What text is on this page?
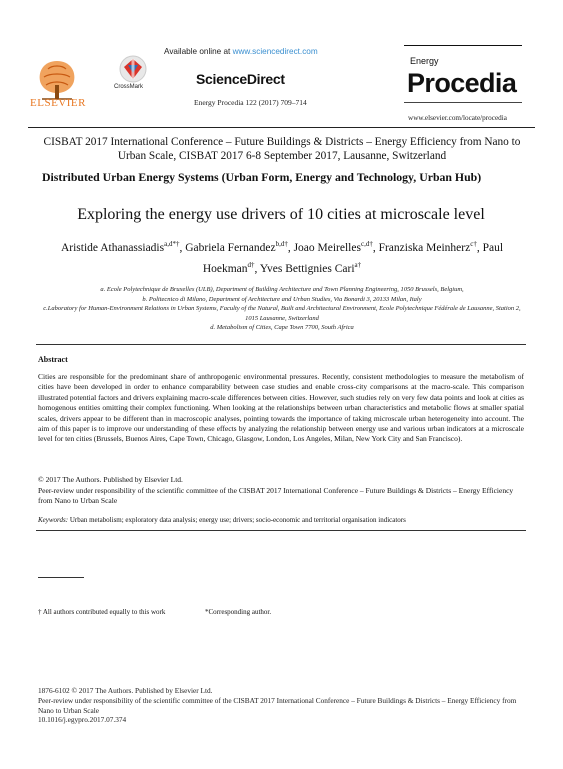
ELSEVIER
CrossMark
Available online at www.sciencedirect.com
ScienceDirect
Energy Procedia 122 (2017) 709–714
Energy
Procedia
www.elsevier.com/locate/procedia
CISBAT 2017 International Conference – Future Buildings & Districts – Energy Efficiency from Nano to Urban Scale, CISBAT 2017 6-8 September 2017, Lausanne, Switzerland
Distributed Urban Energy Systems (Urban Form, Energy and Technology, Urban Hub)
Exploring the energy use drivers of 10 cities at microscale level
Aristide Athanassiadis$^{a,d*\dagger}$, Gabriela Fernandez$^{b,d\dagger}$, Joao Meirelles$^{c,d\dagger}$, Franziska Meinherz$^{c\dagger}$, Paul Hoekman$^{d\dagger}$, Yves Bettignies Cari$^{a\dagger}$
a. Ecole Polytechnique de Bruxelles (ULB), Department of Building Architecture and Town Planning Engineering, 1050 Brussels, Belgium,
b. Politecnico di Milano, Department of Architecture and Urban Studies, Via Bonardi 3, 20133 Milan, Italy
c.Laboratory for Human-Environment Relations in Urban Systems, Faculty of the Natural, Built and Architectural Environment, Ecole Polytechnique Fédérale de Lausanne, Station 2, 1015 Lausanne, Switzerland
d. Metabolism of Cities, Cape Town 7700, South Africa
Abstract
Cities are responsible for the predominant share of anthropogenic environmental pressures. Recently, consistent methodologies to measure the metabolism of cities have been developed in order to enhance comparability between case studies and enable cross-city comparisons at the macro-scale. This comparison illustrated potential factors and drivers explaining macro-scale differences between cities. However, such studies rely on very few data points and look at cities as homogenous entities omitting their complex functioning. When looking at the relationships between urban characteristics and metabolic flows at smaller spatial scales, drivers appear to be different than in macroscopic analyses, pointing towards the importance of taking microscale urban heterogeneity into account. The aim of this paper is to improve our understanding of these effects by analyzing the relationship between energy use and various urban indicators at a microscale level for ten cities (Brussels, Buenos Aires, Cape Town, Chicago, Glasgow, London, Los Angeles, Milan, New York City and San Francisco).
© 2017 The Authors. Published by Elsevier Ltd.
Peer-review under responsibility of the scientific committee of the CISBAT 2017 International Conference – Future Buildings & Districts – Energy Efficiency from Nano to Urban Scale
Keywords: Urban metabolism; exploratory data analysis; energy use; drivers; socio-economic and territorial organisation indicators
† All authors contributed equally to this work	*Corresponding author.
1876-6102 © 2017 The Authors. Published by Elsevier Ltd.
Peer-review under responsibility of the scientific committee of the CISBAT 2017 International Conference – Future Buildings & Districts – Energy Efficiency from Nano to Urban Scale
10.1016/j.egypro.2017.07.374
